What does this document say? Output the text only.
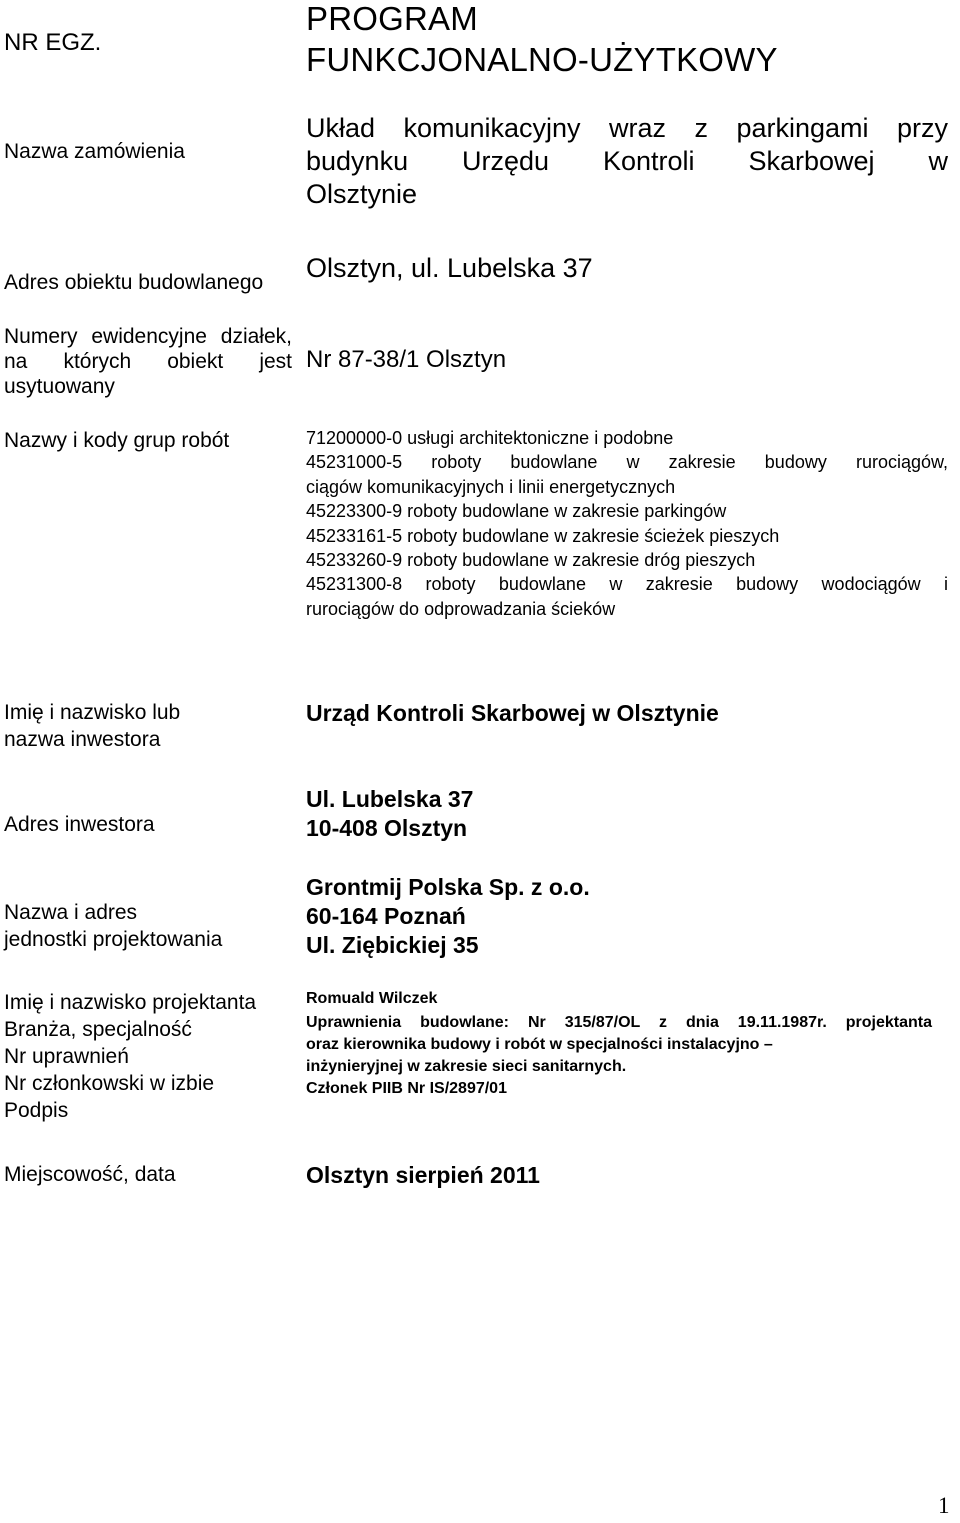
NR EGZ.
PROGRAM
FUNKCJONALNO-UŻYTKOWY
Nazwa zamówienia
Układ komunikacyjny wraz z parkingami przy
budynku Urzędu Kontroli Skarbowej w
Olsztynie
Adres obiektu budowlanego Olsztyn, ul. Lubelska 37
Numery ewidencyjne działek,
na których obiekt jest
usytuowany
Nr 87-38/1 Olsztyn
Nazwy i kody grup robót	71200000-0 usługi architektoniczne i podobne
45231000-5 roboty budowlane w zakresie budowy rurociągów,
ciągów komunikacyjnych i linii energetycznych
45223300-9 roboty budowlane w zakresie parkingów
45233161-5 roboty budowlane w zakresie ścieżek pieszych
45233260-9 roboty budowlane w zakresie dróg pieszych
45231300-8 roboty budowlane w zakresie budowy wodociągów i
rurociągów do odprowadzania ścieków
Imię i nazwisko lub
nazwa inwestora
Urząd Kontroli Skarbowej w Olsztynie
Adres inwestora
Ul. Lubelska 37
10-408 Olsztyn
Nazwa i adres
jednostki projektowania
Grontmij Polska Sp. z o.o.
60-164 Poznań
Ul. Ziębickiej 35
Imię i nazwisko projektanta
Branża, specjalność
Nr uprawnień
Nr członkowski w izbie
Podpis
Romuald Wilczek
Uprawnienia budowlane: Nr 315/87/OL z dnia 19.11.1987r. projektanta
oraz kierownika budowy i robót w specjalności instalacyjno –
inżynieryjnej w zakresie sieci sanitarnych.
Członek PIIB Nr IS/2897/01
Miejscowość, data	Olsztyn sierpień 2011
1
